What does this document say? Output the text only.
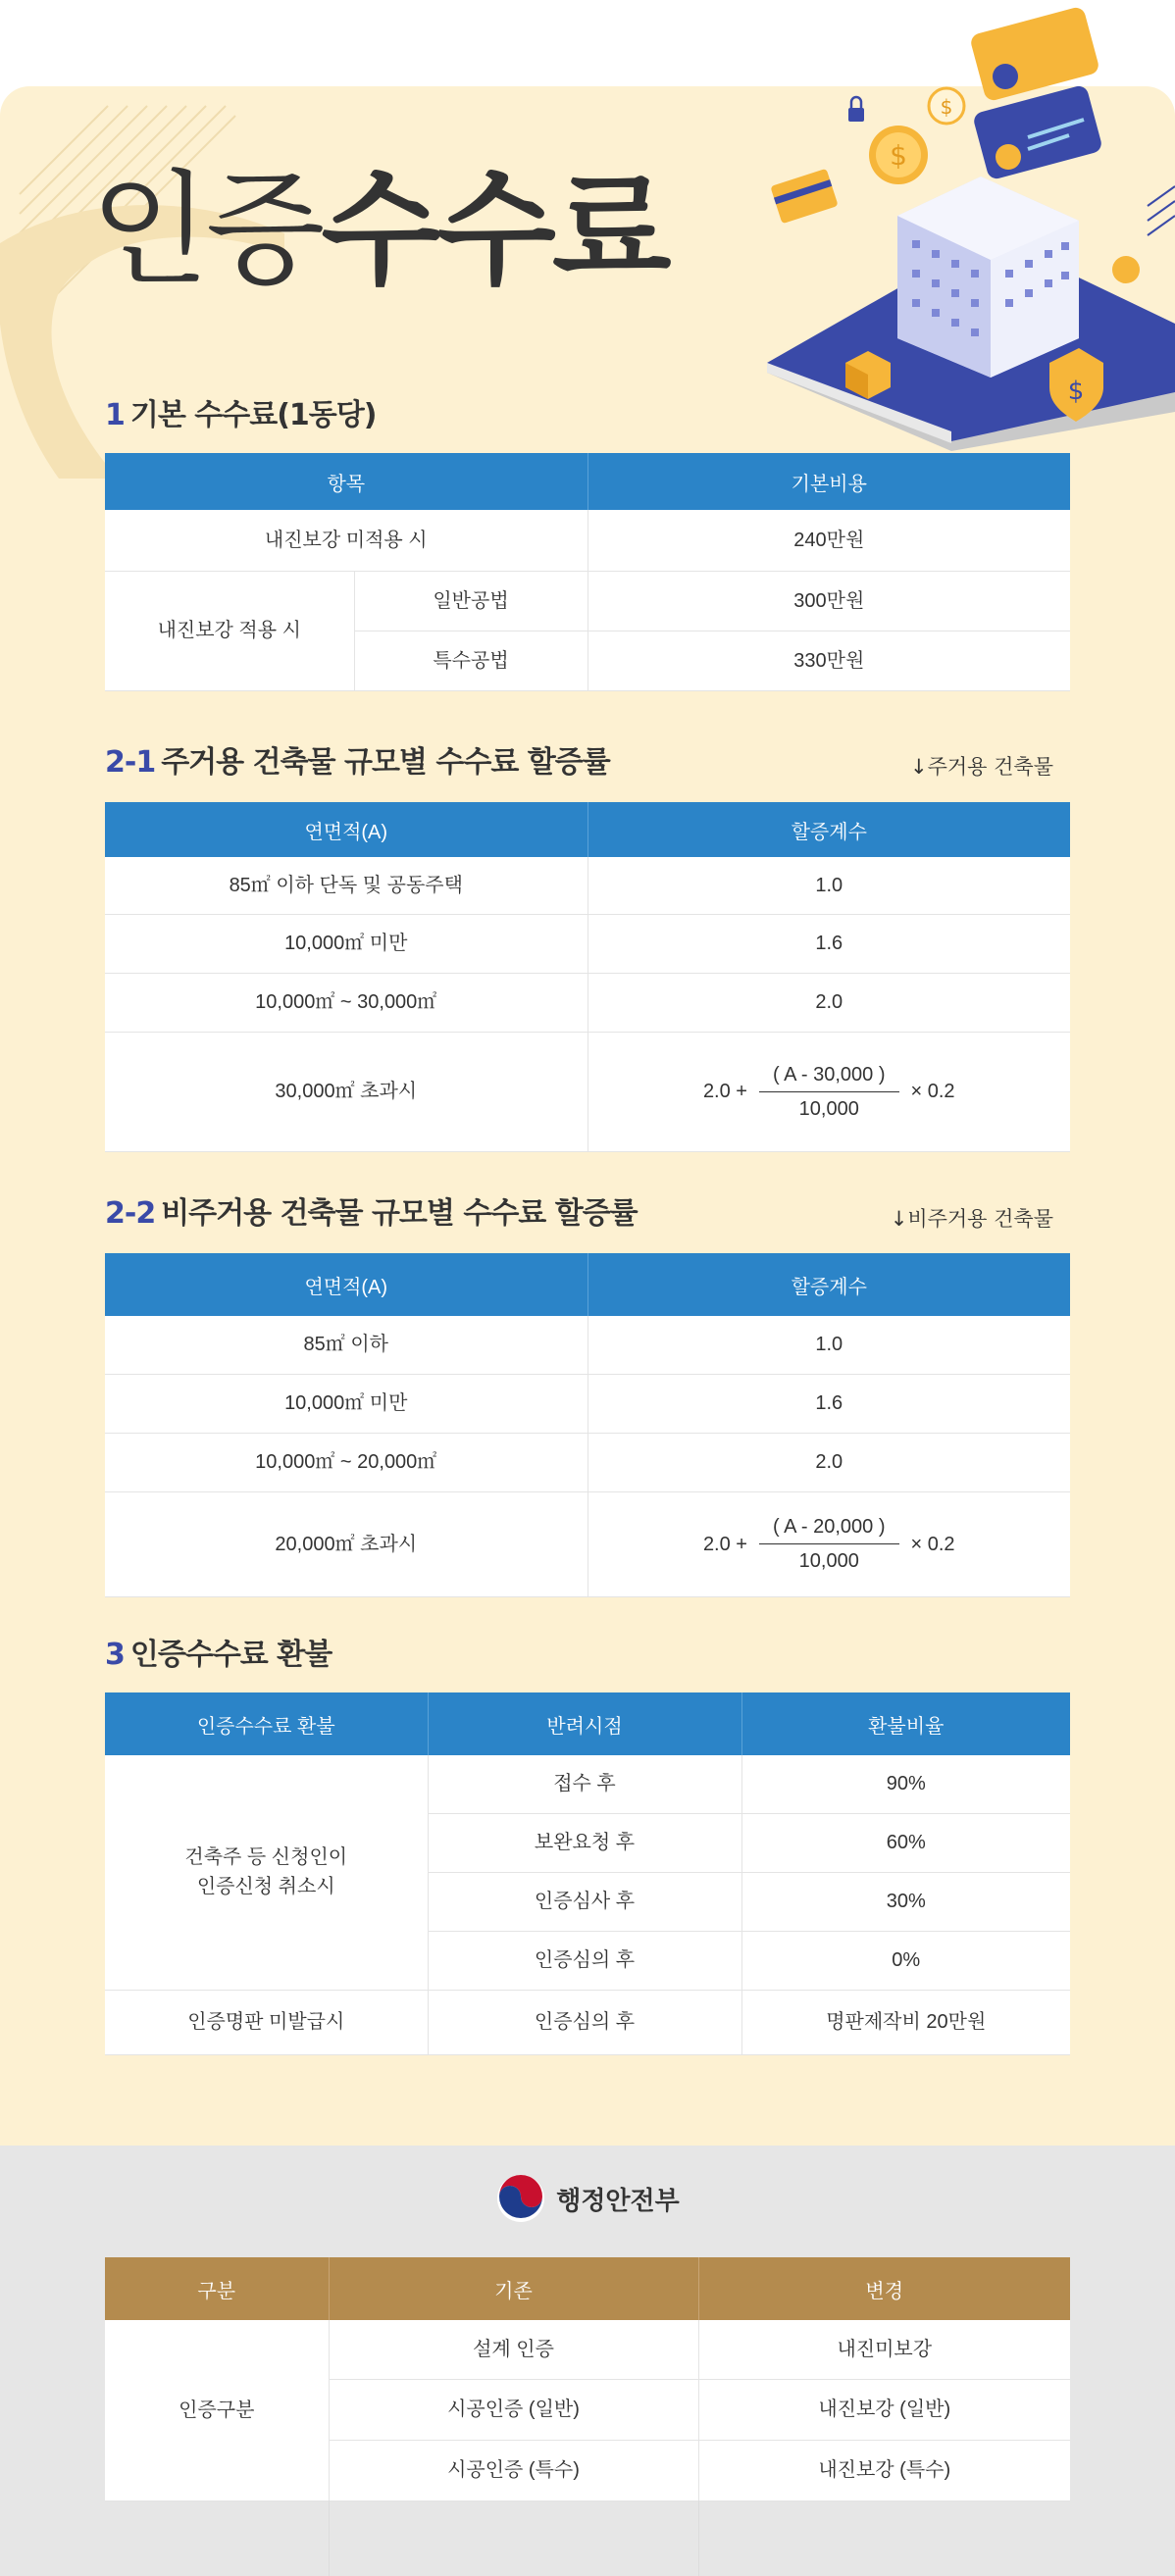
인증수수료
$
$
$
1 기본 수수료(1동당)
항목		기본비용
내진보강 미적용 시		240만원
내진보강 적용 시	일반공법	300만원
	특수공법	330만원
2-1 주거용 건축물 규모별 수수료 할증률	↓주거용 건축물
연면적(A)	할증계수
85㎡ 이하 단독 및 공동주택	1.0
10,000㎡ 미만	1.6
10,000㎡ ~ 30,000㎡	2.0
30,000㎡ 초과시	$2.0 + \frac{( A - 30,000 )}{10,000} \times 0.2$
2-2 비주거용 건축물 규모별 수수료 할증률	↓비주거용 건축물
연면적(A)	할증계수
85㎡ 이하	1.0
10,000㎡ 미만	1.6
10,000㎡ ~ 20,000㎡	2.0
20,000㎡ 초과시	$2.0 + \frac{( A - 20,000 )}{10,000} \times 0.2$
3 인증수수료 환불
인증수수료 환불	반려시점	환불비율

건축주 등 신청인이
인증신청 취소시	접수 후	90%
	보완요청 후	60%
	인증심사 후	30%
	인증심의 후	0%
인증명판 미발급시	인증심의 후	명판제작비 20만원
행정안전부
구분	기존	변경
인증구분	설계 인증	내진미보강
	시공인증 (일반)	내진보강 (일반)
	시공인증 (특수)	내진보강 (특수)
